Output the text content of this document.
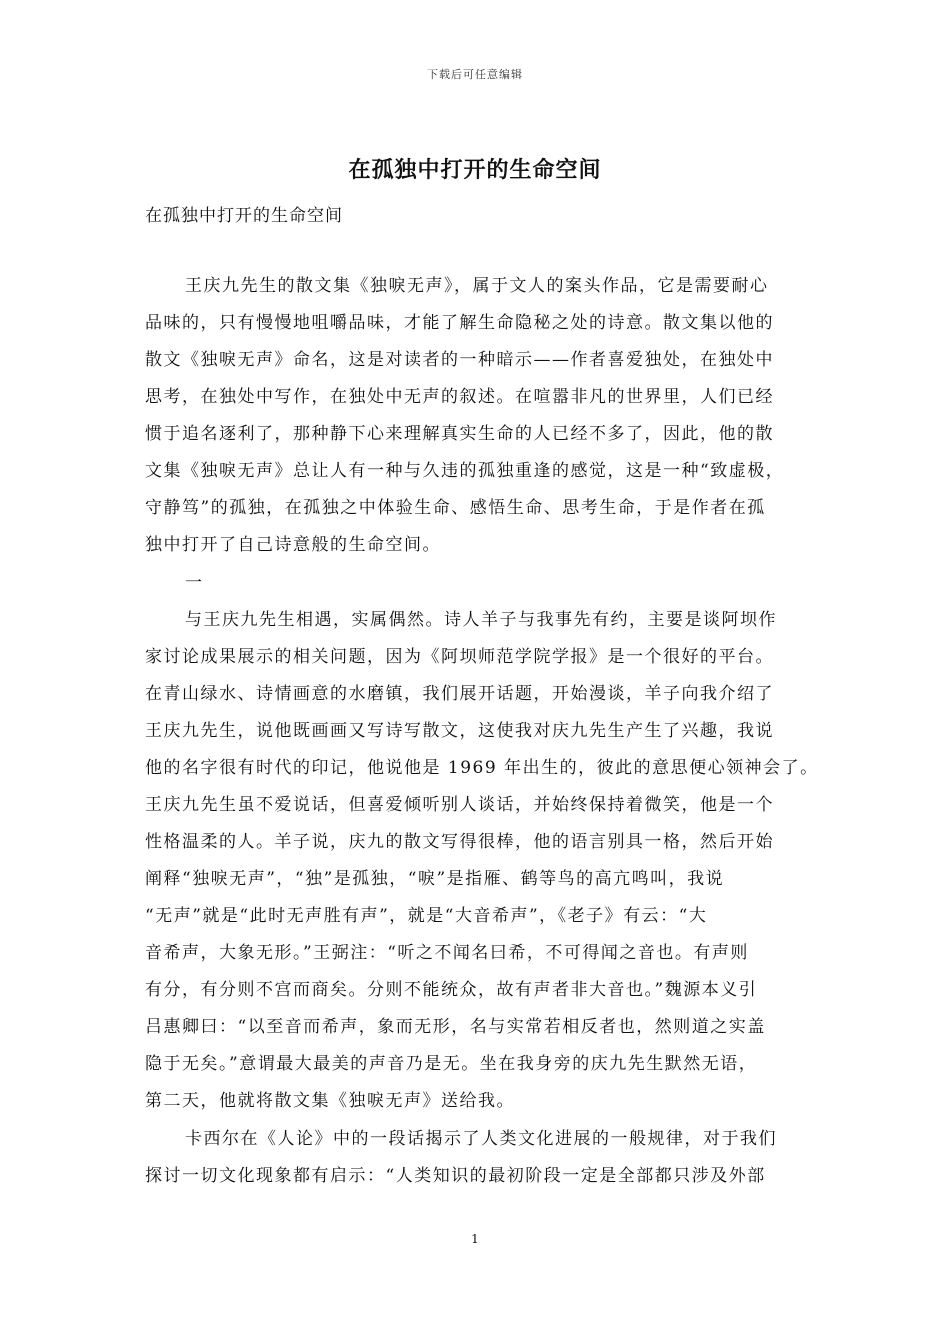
下载后可任意编辑
在孤独中打开的生命空间
在孤独中打开的生命空间
王庆九先生的散文集《独唳无声》，属于文人的案头作品，它是需要耐心
品味的，只有慢慢地咀嚼品味，才能了解生命隐秘之处的诗意。散文集以他的
散文《独唳无声》命名，这是对读者的一种暗示——作者喜爱独处，在独处中
思考，在独处中写作，在独处中无声的叙述。在喧嚣非凡的世界里，人们已经
惯于追名逐利了，那种静下心来理解真实生命的人已经不多了，因此，他的散
文集《独唳无声》总让人有一种与久违的孤独重逢的感觉，这是一种“致虚极，
守静笃”的孤独，在孤独之中体验生命、感悟生命、思考生命，于是作者在孤
独中打开了自己诗意般的生命空间。
一
与王庆九先生相遇，实属偶然。诗人羊子与我事先有约，主要是谈阿坝作
家讨论成果展示的相关问题，因为《阿坝师范学院学报》是一个很好的平台。
在青山绿水、诗情画意的水磨镇，我们展开话题，开始漫谈，羊子向我介绍了
王庆九先生，说他既画画又写诗写散文，这使我对庆九先生产生了兴趣，我说
他的名字很有时代的印记，他说他是 1969 年出生的，彼此的意思便心领神会了。
王庆九先生虽不爱说话，但喜爱倾听别人谈话，并始终保持着微笑，他是一个
性格温柔的人。羊子说，庆九的散文写得很棒，他的语言别具一格，然后开始
阐释“独唳无声”，“独”是孤独，“唳”是指雁、鹤等鸟的高亢鸣叫，我说
“无声”就是“此时无声胜有声”，就是“大音希声”，《老子》有云：“大
音希声，大象无形。”王弼注：“听之不闻名曰希，不可得闻之音也。有声则
有分，有分则不宫而商矣。分则不能统众，故有声者非大音也。”魏源本义引
吕惠卿曰：“以至音而希声，象而无形，名与实常若相反者也，然则道之实盖
隐于无矣。”意谓最大最美的声音乃是无。坐在我身旁的庆九先生默然无语，
第二天，他就将散文集《独唳无声》送给我。
卡西尔在《人论》中的一段话揭示了人类文化进展的一般规律，对于我们
探讨一切文化现象都有启示：“人类知识的最初阶段一定是全部都只涉及外部
1
